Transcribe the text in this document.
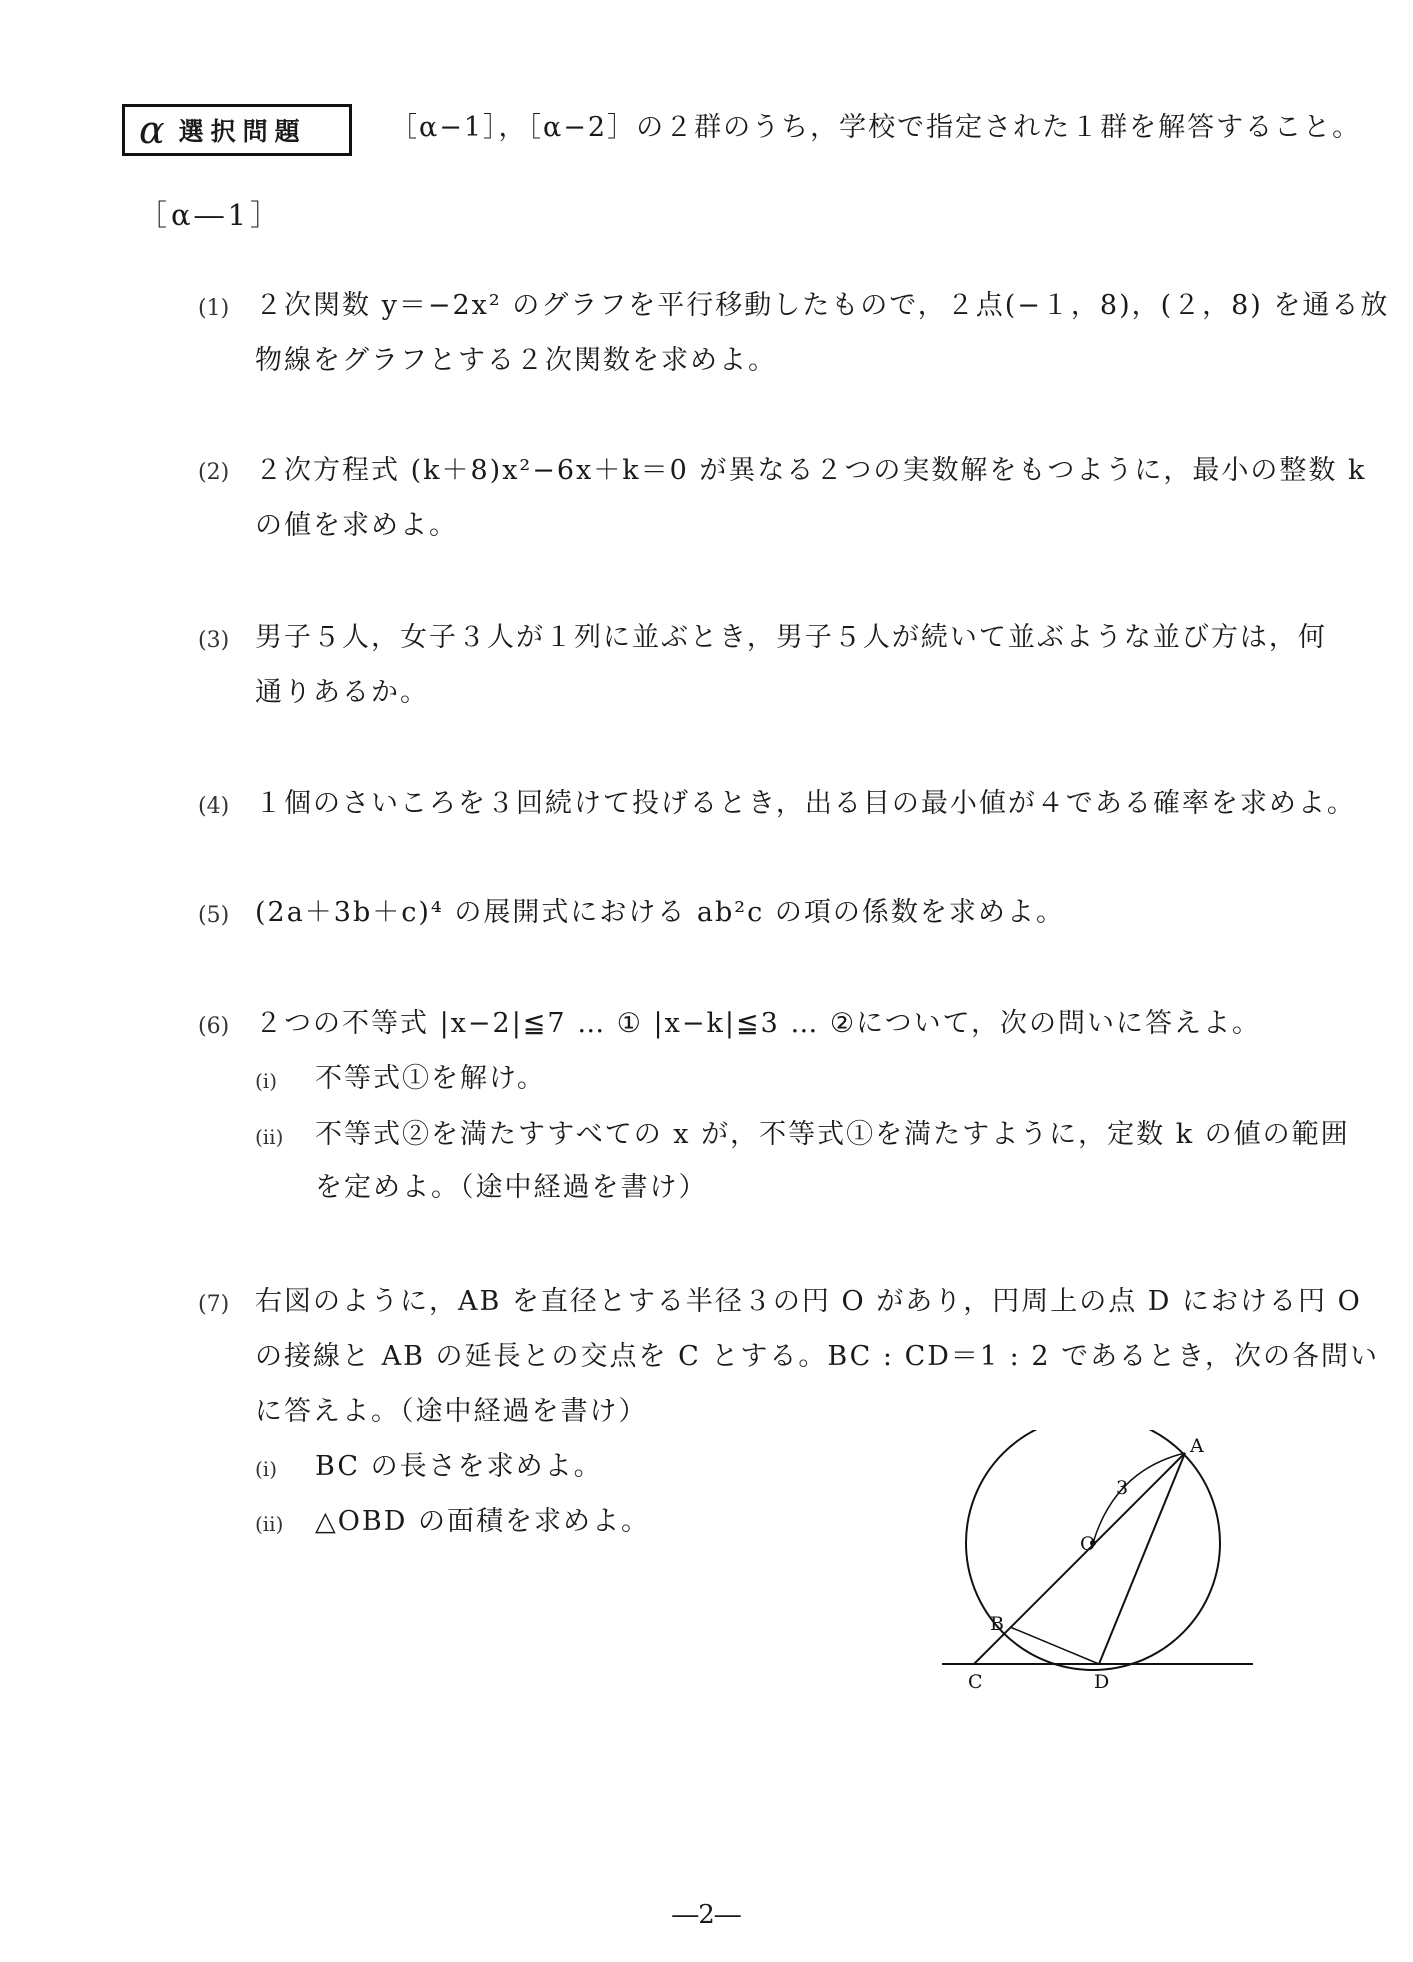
α 選択問題	［α−1］，［α−2］の２群のうち，学校で指定された１群を解答すること。
［α―1］
(1) ２次関数 y＝−2x² のグラフを平行移動したもので，２点(−１，8)，(２，8) を通る放
物線をグラフとする２次関数を求めよ。
(2) ２次方程式 (k＋8)x²−6x＋k＝0 が異なる２つの実数解をもつように，最小の整数 k
の値を求めよ。
(3) 男子５人，女子３人が１列に並ぶとき，男子５人が続いて並ぶような並び方は，何
通りあるか。
(4) １個のさいころを３回続けて投げるとき，出る目の最小値が４である確率を求めよ。
(5) (2a＋3b＋c)⁴ の展開式における ab²c の項の係数を求めよ。
(6) ２つの不等式 |x−2|≦7 … ① |x−k|≦3 … ②について，次の問いに答えよ。
(ⅰ) 不等式①を解け。
(ⅱ) 不等式②を満たすすべての x が，不等式①を満たすように，定数 k の値の範囲
を定めよ。（途中経過を書け）
(7) 右図のように，AB を直径とする半径３の円 O があり，円周上の点 D における円 O
の接線と AB の延長との交点を C とする。BC : CD＝1 : 2 であるとき，次の各問い
に答えよ。（途中経過を書け）
(ⅰ) BC の長さを求めよ。
(ⅱ) △OBD の面積を求めよ。
A
3
O
B
C	D
―2―
